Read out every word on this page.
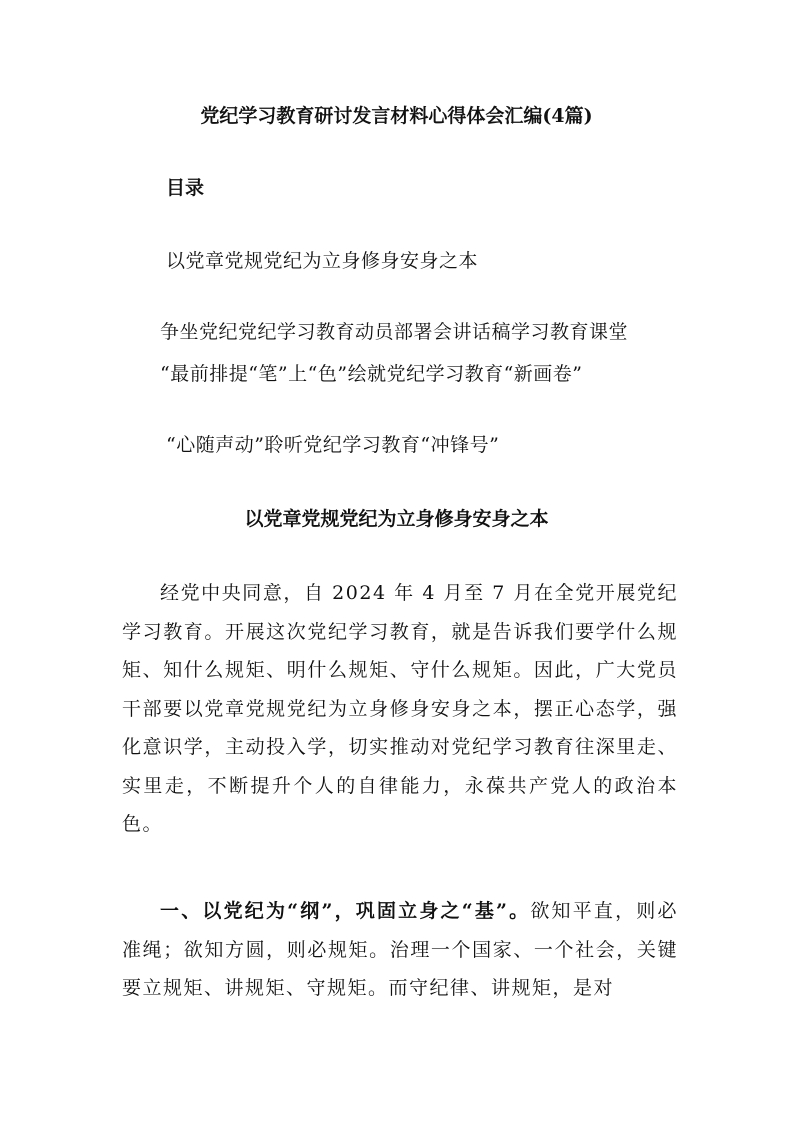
党纪学习教育研讨发言材料心得体会汇编(4篇)
目录
以党章党规党纪为立身修身安身之本
争坐党纪党纪学习教育动员部署会讲话稿学习教育课堂
“最前排提“笔”上“色”绘就党纪学习教育“新画卷”
“心随声动”聆听党纪学习教育“冲锋号”
以党章党规党纪为立身修身安身之本

经党中央同意，自 2024 年 4 月至 7 月在全党开展党纪学习教育。开展这次党纪学习教育，就是告诉我们要学什么规矩、知什么规矩、明什么规矩、守什么规矩。因此，广大党员干部要以党章党规党纪为立身修身安身之本，摆正心态学，强化意识学，主动投入学，切实推动对党纪学习教育往深里走、实里走，不断提升个人的自律能力，永葆共产党人的政治本色。

一、以党纪为“纲”，巩固立身之“基”。欲知平直，则必准绳；欲知方圆，则必规矩。治理一个国家、一个社会，关键要立规矩、讲规矩、守规矩。而守纪律、讲规矩，是对
